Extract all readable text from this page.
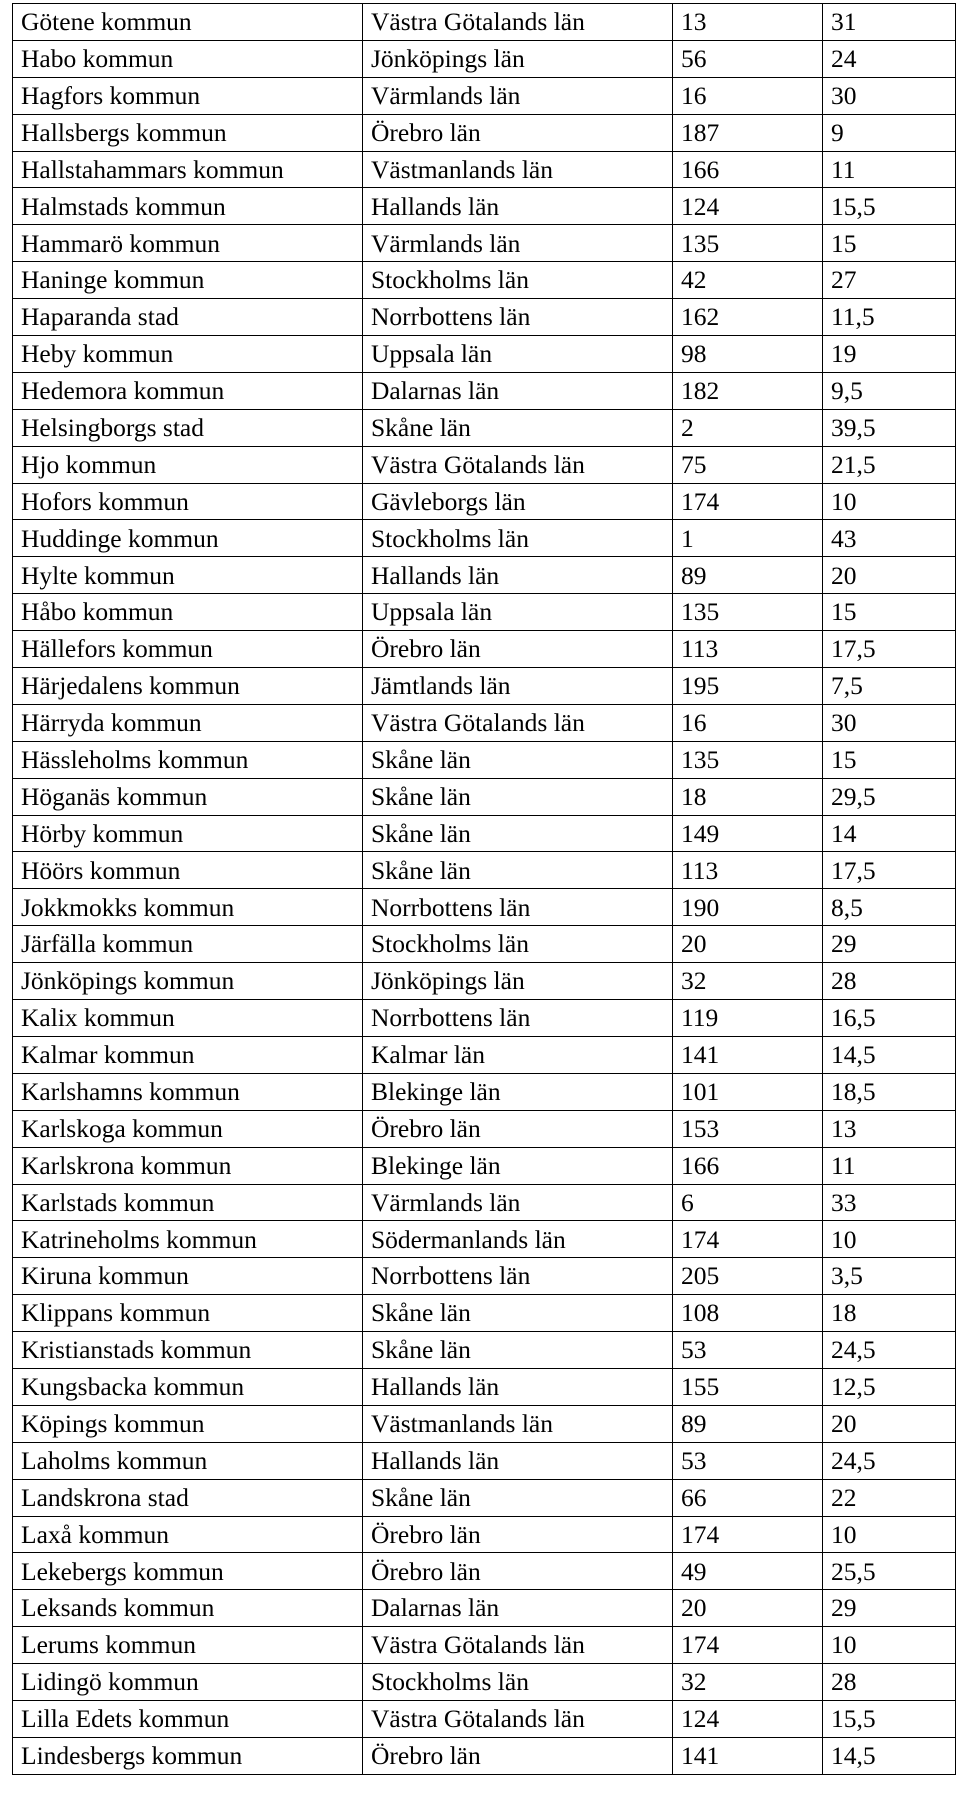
Götene kommun	Västra Götalands län	13	31
Habo kommun	Jönköpings län	56	24
Hagfors kommun	Värmlands län	16	30
Hallsbergs kommun	Örebro län	187	9
Hallstahammars kommun	Västmanlands län	166	11
Halmstads kommun	Hallands län	124	15,5
Hammarö kommun	Värmlands län	135	15
Haninge kommun	Stockholms län	42	27
Haparanda stad	Norrbottens län	162	11,5
Heby kommun	Uppsala län	98	19
Hedemora kommun	Dalarnas län	182	9,5
Helsingborgs stad	Skåne län	2	39,5
Hjo kommun	Västra Götalands län	75	21,5
Hofors kommun	Gävleborgs län	174	10
Huddinge kommun	Stockholms län	1	43
Hylte kommun	Hallands län	89	20
Håbo kommun	Uppsala län	135	15
Hällefors kommun	Örebro län	113	17,5
Härjedalens kommun	Jämtlands län	195	7,5
Härryda kommun	Västra Götalands län	16	30
Hässleholms kommun	Skåne län	135	15
Höganäs kommun	Skåne län	18	29,5
Hörby kommun	Skåne län	149	14
Höörs kommun	Skåne län	113	17,5
Jokkmokks kommun	Norrbottens län	190	8,5
Järfälla kommun	Stockholms län	20	29
Jönköpings kommun	Jönköpings län	32	28
Kalix kommun	Norrbottens län	119	16,5
Kalmar kommun	Kalmar län	141	14,5
Karlshamns kommun	Blekinge län	101	18,5
Karlskoga kommun	Örebro län	153	13
Karlskrona kommun	Blekinge län	166	11
Karlstads kommun	Värmlands län	6	33
Katrineholms kommun	Södermanlands län	174	10
Kiruna kommun	Norrbottens län	205	3,5
Klippans kommun	Skåne län	108	18
Kristianstads kommun	Skåne län	53	24,5
Kungsbacka kommun	Hallands län	155	12,5
Köpings kommun	Västmanlands län	89	20
Laholms kommun	Hallands län	53	24,5
Landskrona stad	Skåne län	66	22
Laxå kommun	Örebro län	174	10
Lekebergs kommun	Örebro län	49	25,5
Leksands kommun	Dalarnas län	20	29
Lerums kommun	Västra Götalands län	174	10
Lidingö kommun	Stockholms län	32	28
Lilla Edets kommun	Västra Götalands län	124	15,5
Lindesbergs kommun	Örebro län	141	14,5
